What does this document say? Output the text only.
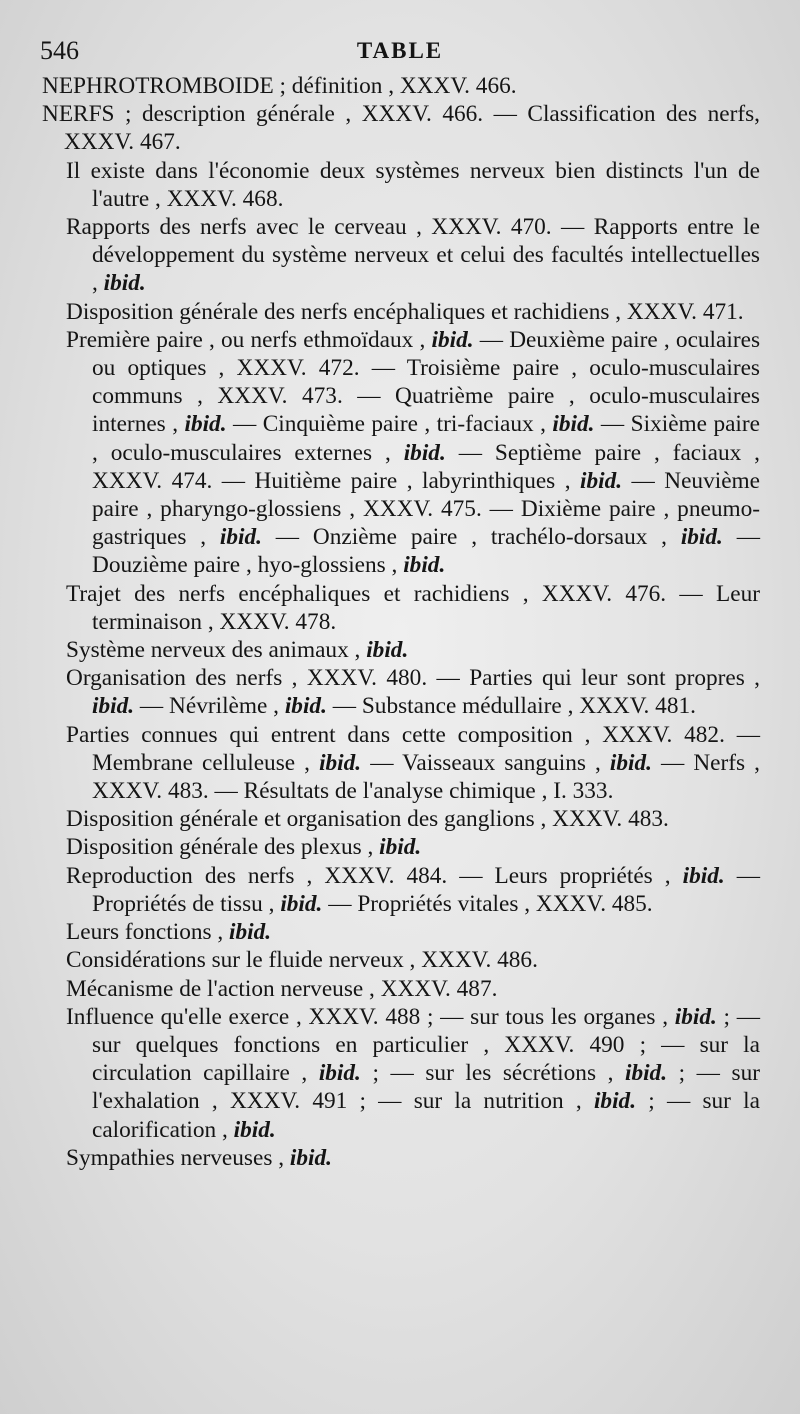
546	TABLE

NEPHROTROMBOIDE ; définition , XXXV. 466.

NERFS ; description générale , XXXV. 466. — Classification des nerfs, XXXV. 467.

Il existe dans l'économie deux systèmes nerveux bien distincts l'un de l'autre , XXXV. 468.

Rapports des nerfs avec le cerveau , XXXV. 470. — Rapports entre le développement du système nerveux et celui des facultés intellectuelles , ibid.

Disposition générale des nerfs encéphaliques et rachidiens , XXXV. 471.

Première paire , ou nerfs ethmoïdaux , ibid. — Deuxième paire , oculaires ou optiques , XXXV. 472. — Troisième paire , oculo-musculaires communs , XXXV. 473. — Quatrième paire , oculo-musculaires internes , ibid. — Cinquième paire , tri-faciaux , ibid. — Sixième paire , oculo-musculaires externes , ibid. — Septième paire , faciaux , XXXV. 474. — Huitième paire , labyrinthiques , ibid. — Neuvième paire , pharyngo-glossiens , XXXV. 475. — Dixième paire , pneumo-gastriques , ibid. — Onzième paire , trachélo-dorsaux , ibid. — Douzième paire , hyo-glossiens , ibid.

Trajet des nerfs encéphaliques et rachidiens , XXXV. 476. — Leur terminaison , XXXV. 478.

Système nerveux des animaux , ibid.

Organisation des nerfs , XXXV. 480. — Parties qui leur sont propres , ibid. — Névrilème , ibid. — Substance médullaire , XXXV. 481.

Parties connues qui entrent dans cette composition , XXXV. 482. — Membrane celluleuse , ibid. — Vaisseaux sanguins , ibid. — Nerfs , XXXV. 483. — Résultats de l'analyse chimique , I. 333.

Disposition générale et organisation des ganglions , XXXV. 483.

Disposition générale des plexus , ibid.

Reproduction des nerfs , XXXV. 484. — Leurs propriétés , ibid. — Propriétés de tissu , ibid. — Propriétés vitales , XXXV. 485.

Leurs fonctions , ibid.

Considérations sur le fluide nerveux , XXXV. 486.

Mécanisme de l'action nerveuse , XXXV. 487.

Influence qu'elle exerce , XXXV. 488 ; — sur tous les organes , ibid. ; — sur quelques fonctions en particulier , XXXV. 490 ; — sur la circulation capillaire , ibid. ; — sur les sécrétions , ibid. ; — sur l'exhalation , XXXV. 491 ; — sur la nutrition , ibid. ; — sur la calorification , ibid.

Sympathies nerveuses , ibid.
